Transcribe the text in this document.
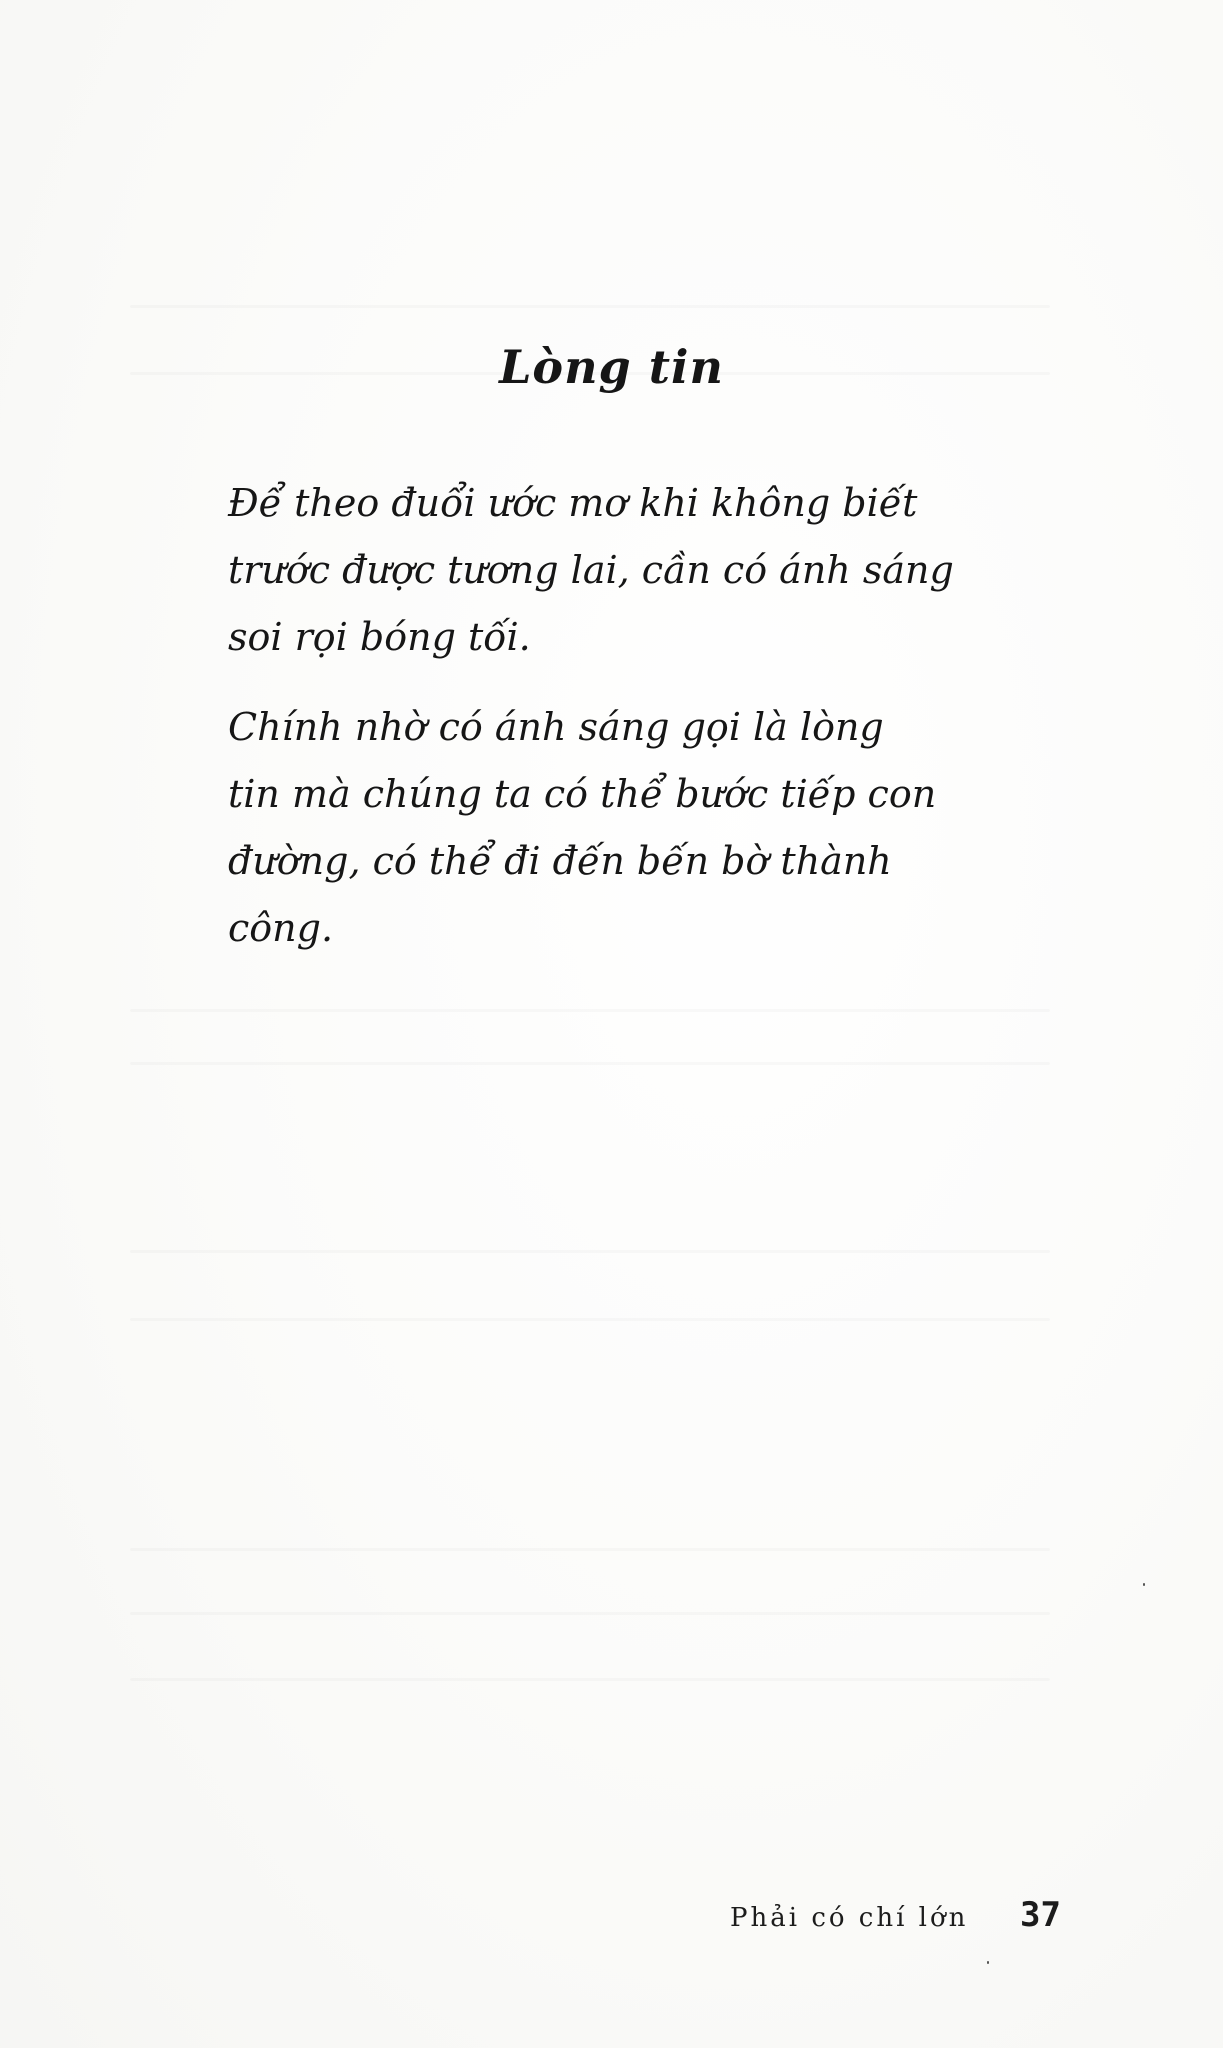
Lòng tin

Để theo đuổi ước mơ khi không biết
trước được tương lai, cần có ánh sáng
soi rọi bóng tối.

Chính nhờ có ánh sáng gọi là lòng
tin mà chúng ta có thể bước tiếp con
đường, có thể đi đến bến bờ thành
công.

Phải có chí lớn 37
